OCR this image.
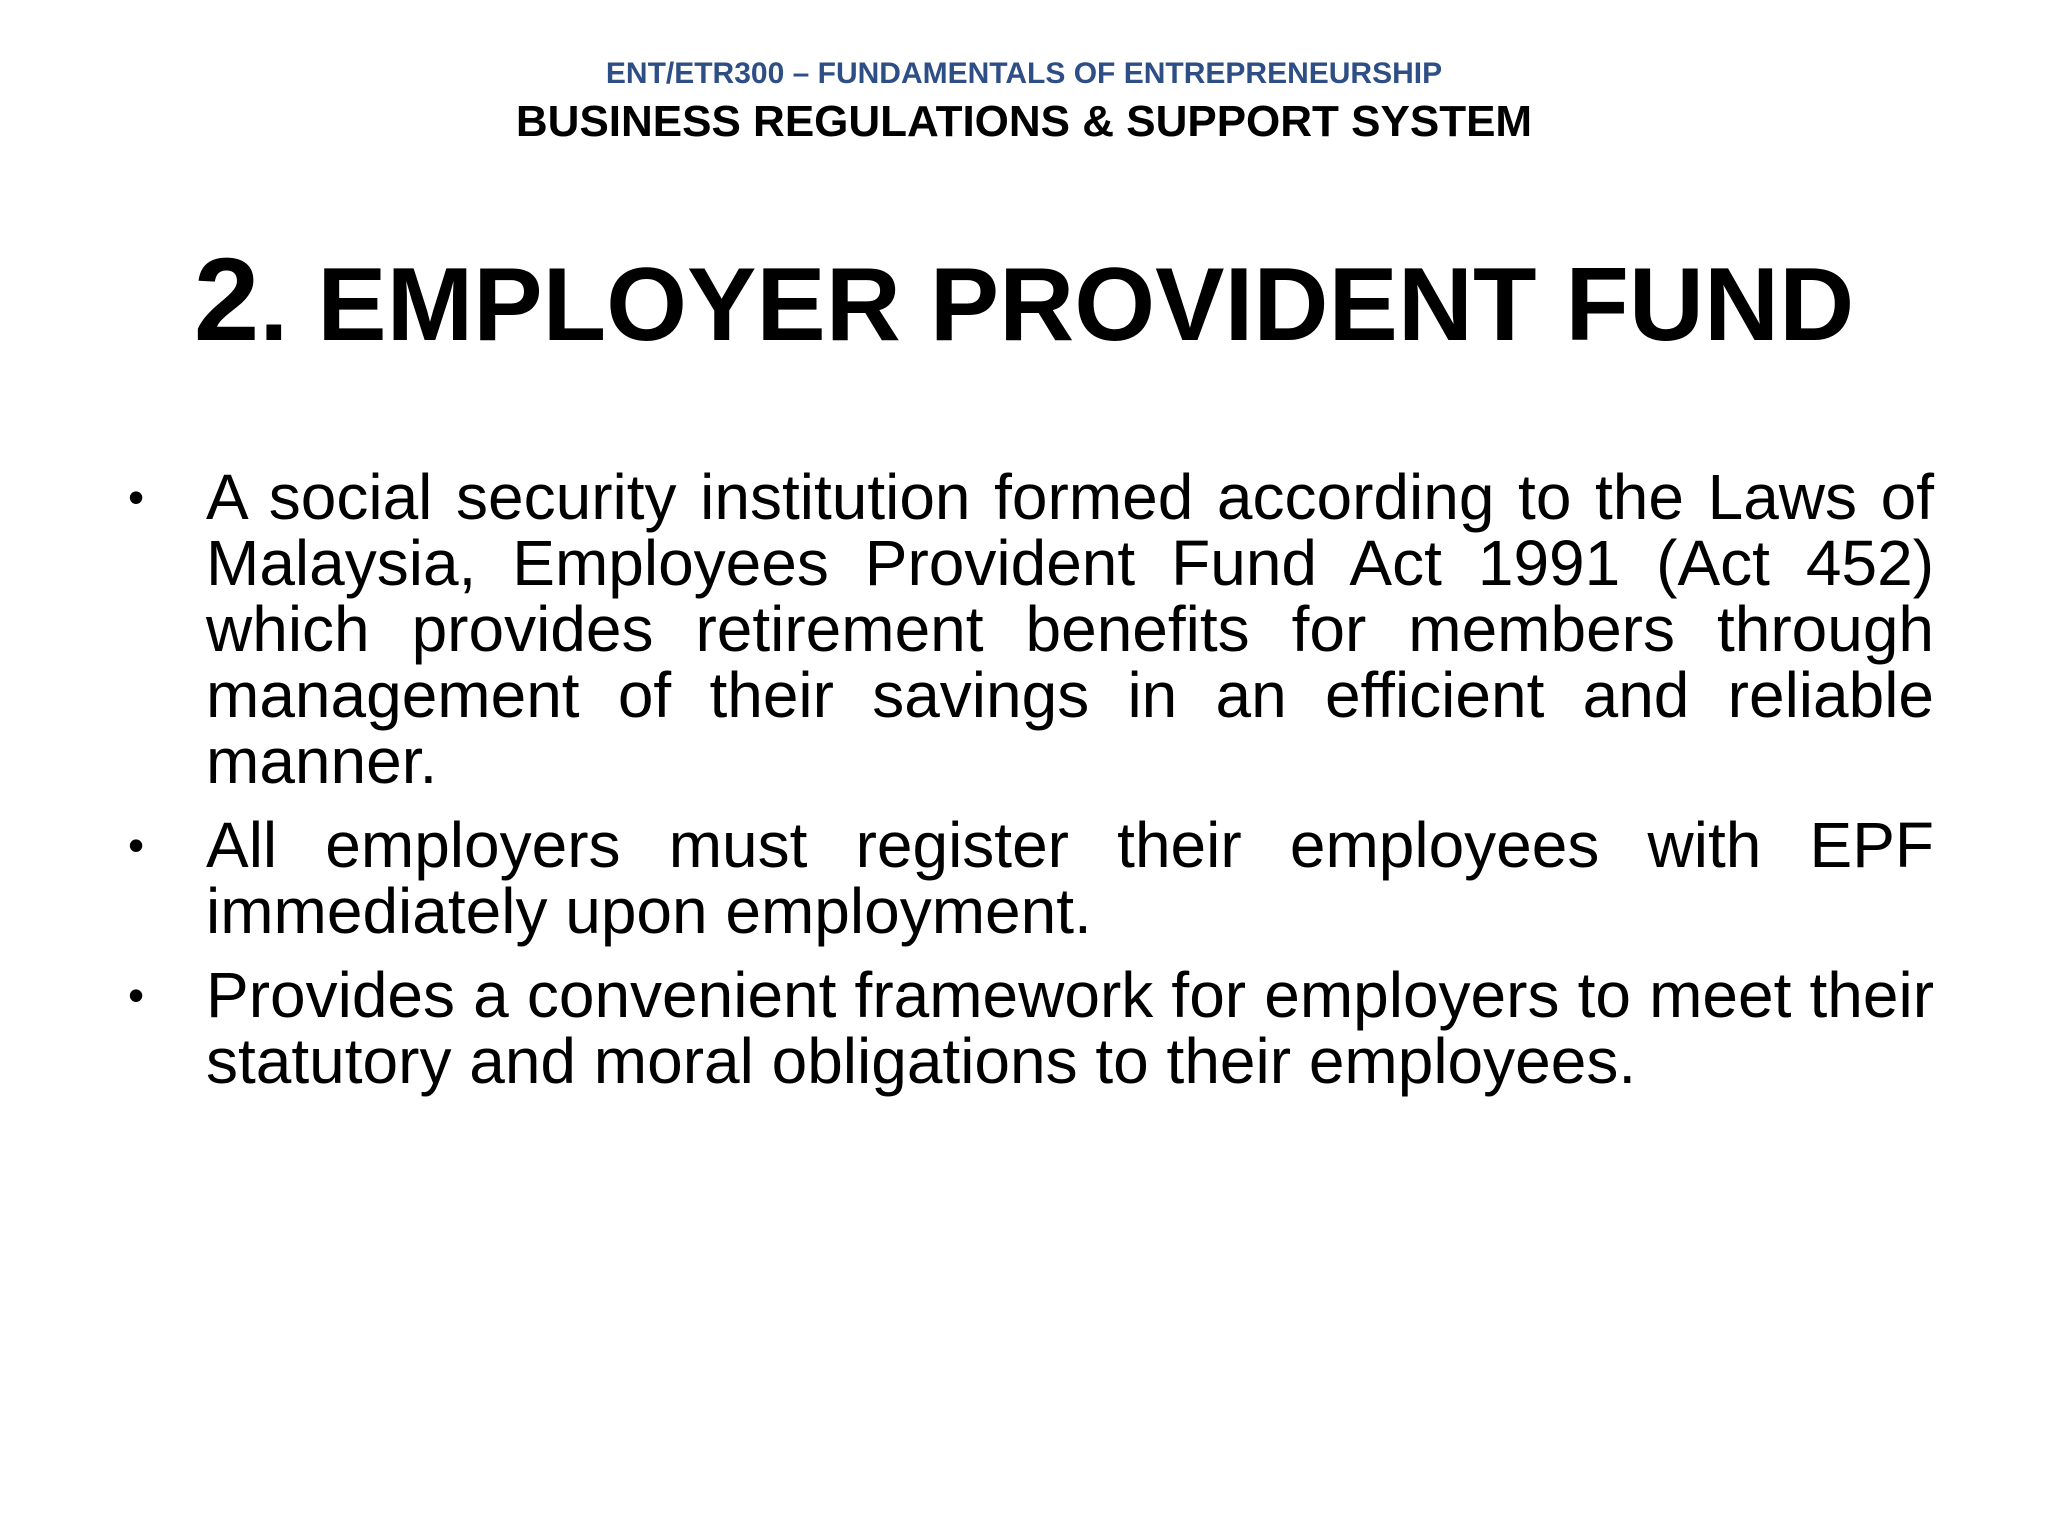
ENT/ETR300 – FUNDAMENTALS OF ENTREPRENEURSHIP
BUSINESS REGULATIONS & SUPPORT SYSTEM
2. EMPLOYER PROVIDENT FUND
• A social security institution formed according to the Laws of Malaysia, Employees Provident Fund Act 1991 (Act 452) which provides retirement benefits for members through management of their savings in an efficient and reliable manner.
• All employers must register their employees with EPF immediately upon employment.
• Provides a convenient framework for employers to meet their statutory and moral obligations to their employees.
